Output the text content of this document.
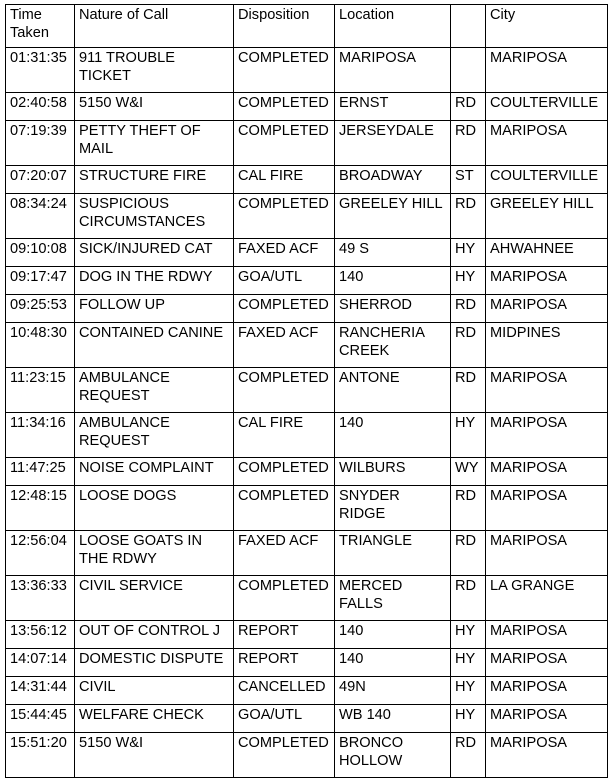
Time
Taken	Nature of Call	Disposition	Location		City
01:31:35	911 TROUBLE TICKET	COMPLETED	MARIPOSA		MARIPOSA
02:40:58	5150 W&I	COMPLETED	ERNST	RD	COULTERVILLE
07:19:39	PETTY THEFT OF MAIL	COMPLETED	JERSEYDALE	RD	MARIPOSA
07:20:07	STRUCTURE FIRE	CAL FIRE	BROADWAY	ST	COULTERVILLE
08:34:24	SUSPICIOUS CIRCUMSTANCES	COMPLETED	GREELEY HILL	RD	GREELEY HILL
09:10:08	SICK/INJURED CAT	FAXED ACF	49 S	HY	AHWAHNEE
09:17:47	DOG IN THE RDWY	GOA/UTL	140	HY	MARIPOSA
09:25:53	FOLLOW UP	COMPLETED	SHERROD	RD	MARIPOSA
10:48:30	CONTAINED CANINE	FAXED ACF	RANCHERIA CREEK	RD	MIDPINES
11:23:15	AMBULANCE REQUEST	COMPLETED	ANTONE	RD	MARIPOSA
11:34:16	AMBULANCE REQUEST	CAL FIRE	140	HY	MARIPOSA
11:47:25	NOISE COMPLAINT	COMPLETED	WILBURS	WY	MARIPOSA
12:48:15	LOOSE DOGS	COMPLETED	SNYDER RIDGE	RD	MARIPOSA
12:56:04	LOOSE GOATS IN THE RDWY	FAXED ACF	TRIANGLE	RD	MARIPOSA
13:36:33	CIVIL SERVICE	COMPLETED	MERCED FALLS	RD	LA GRANGE
13:56:12	OUT OF CONTROL J	REPORT	140	HY	MARIPOSA
14:07:14	DOMESTIC DISPUTE	REPORT	140	HY	MARIPOSA
14:31:44	CIVIL	CANCELLED	49N	HY	MARIPOSA
15:44:45	WELFARE CHECK	GOA/UTL	WB 140	HY	MARIPOSA
15:51:20	5150 W&I	COMPLETED	BRONCO HOLLOW	RD	MARIPOSA
